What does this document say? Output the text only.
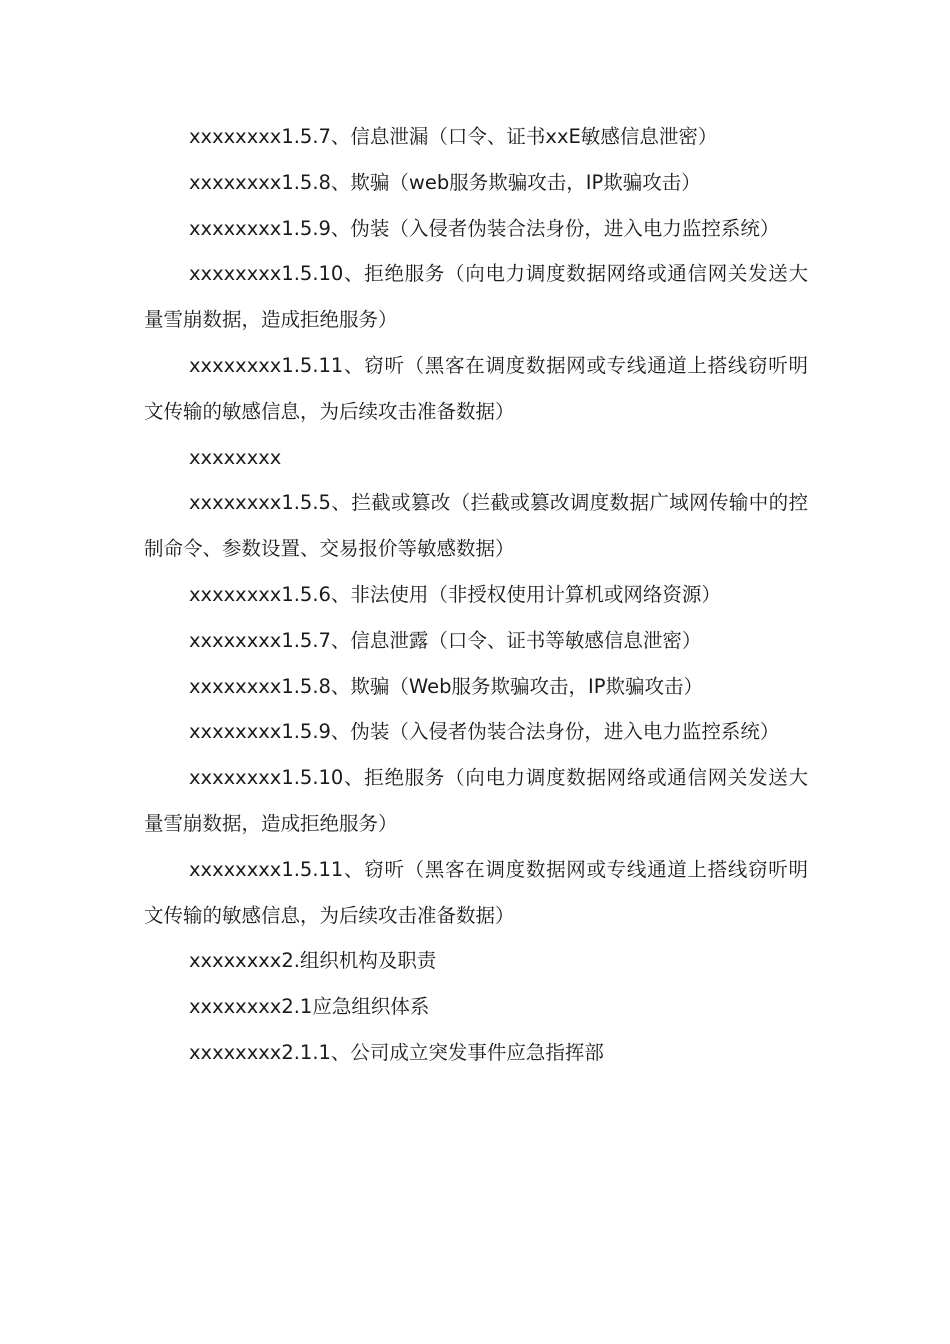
xxxxxxxx1.5.7、信息泄漏（口令、证书xxE敏感信息泄密）

xxxxxxxx1.5.8、欺骗（web服务欺骗攻击，IP欺骗攻击）

xxxxxxxx1.5.9、伪装（入侵者伪装合法身份，进入电力监控系统）

xxxxxxxx1.5.10、拒绝服务（向电力调度数据网络或通信网关发送大量雪崩数据，造成拒绝服务）

xxxxxxxx1.5.11、窃听（黑客在调度数据网或专线通道上搭线窃听明文传输的敏感信息，为后续攻击准备数据）

xxxxxxxx

xxxxxxxx1.5.5、拦截或篡改（拦截或篡改调度数据广域网传输中的控制命令、参数设置、交易报价等敏感数据）

xxxxxxxx1.5.6、非法使用（非授权使用计算机或网络资源）

xxxxxxxx1.5.7、信息泄露（口令、证书等敏感信息泄密）

xxxxxxxx1.5.8、欺骗（Web服务欺骗攻击，IP欺骗攻击）

xxxxxxxx1.5.9、伪装（入侵者伪装合法身份，进入电力监控系统）

xxxxxxxx1.5.10、拒绝服务（向电力调度数据网络或通信网关发送大量雪崩数据，造成拒绝服务）

xxxxxxxx1.5.11、窃听（黑客在调度数据网或专线通道上搭线窃听明文传输的敏感信息，为后续攻击准备数据）

xxxxxxxx2.组织机构及职责

xxxxxxxx2.1应急组织体系

xxxxxxxx2.1.1、公司成立突发事件应急指挥部
